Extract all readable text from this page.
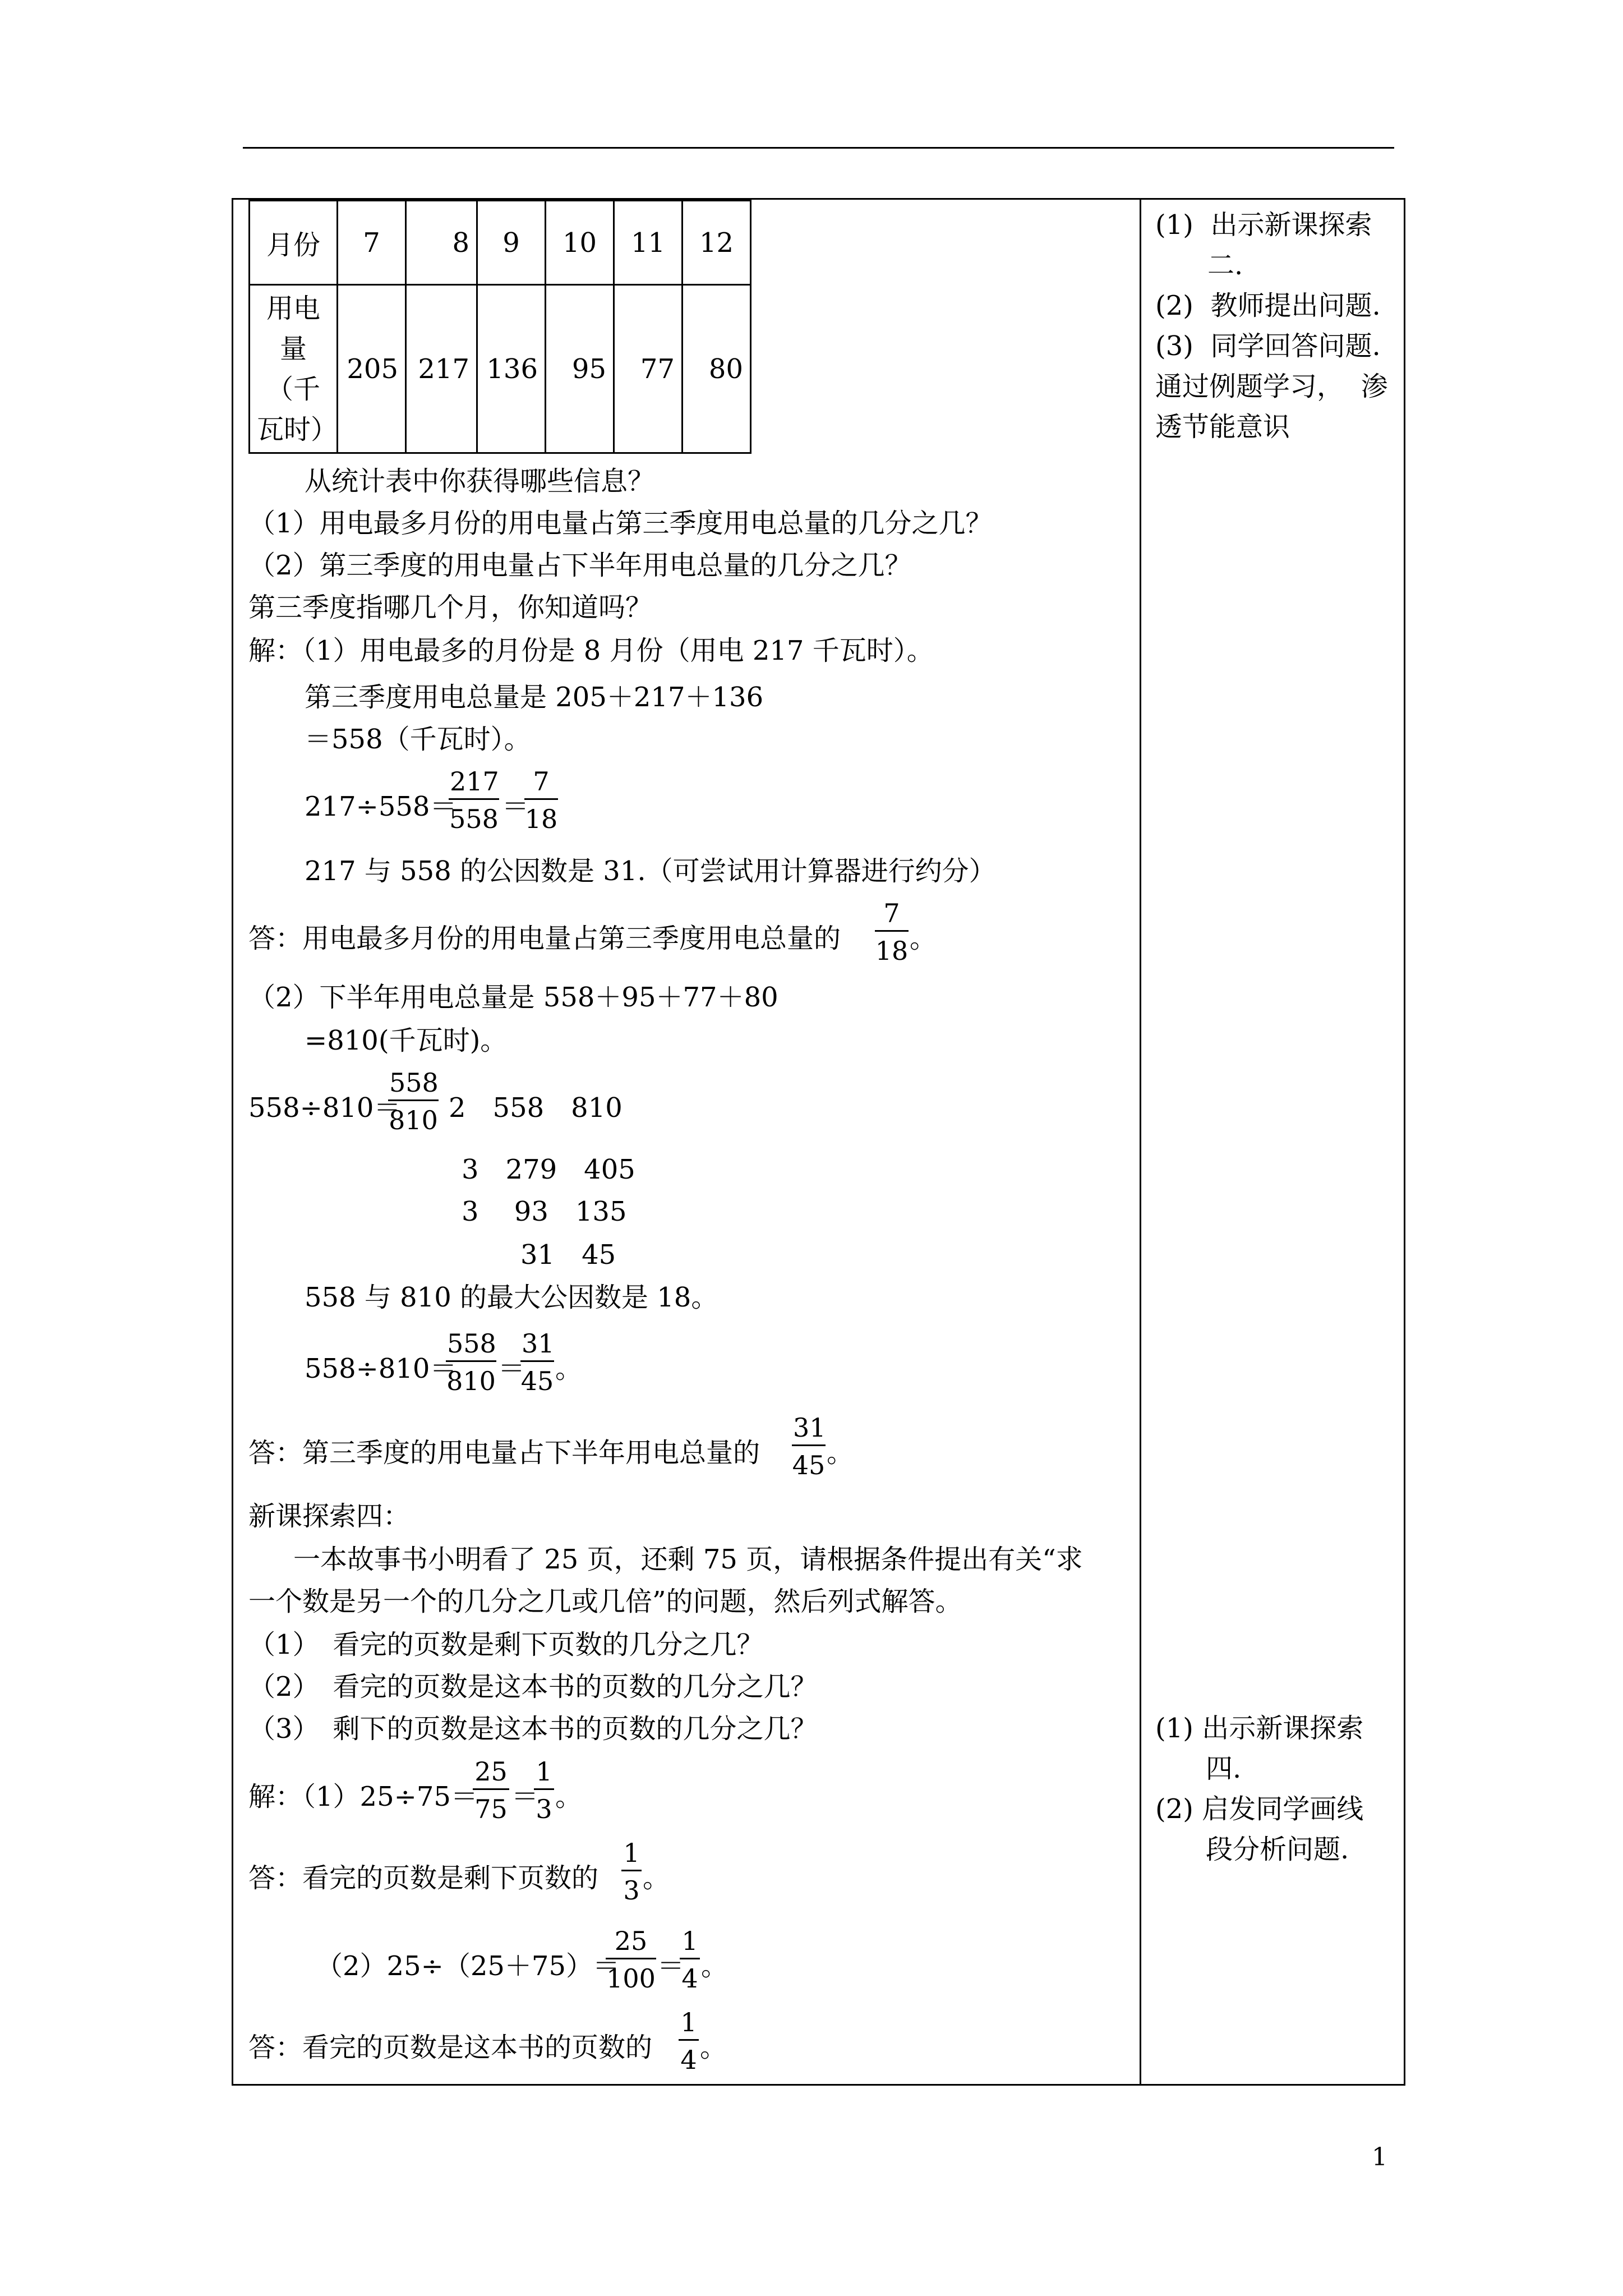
月份	7	8	9	10	11	12
用电
量
（千
瓦时）	205	217	136	95	77	80
从统计表中你获得哪些信息？
（1）用电最多月份的用电量占第三季度用电总量的几分之几？
（2）第三季度的用电量占下半年用电总量的几分之几？
第三季度指哪几个月，你知道吗？
解：（1）用电最多的月份是 8 月份（用电 217 千瓦时）。
第三季度用电总量是 205＋217＋136
＝558（千瓦时）。
217÷558＝
$\frac{217}{558}$ ＝
$\frac{7}{18}$
217 与 558 的公因数是 31.（可尝试用计算器进行约分）
答：用电最多月份的用电量占第三季度用电总量的 $\frac{7}{18}$ 。
（2）下半年用电总量是 558＋95＋77＋80
=810(千瓦时)。
558÷810＝
$\frac{558}{810} 2$　558　810
3　279　405
3　 93　135
31　45
558 与 810 的最大公因数是 18。
558÷810＝
$\frac{558}{810}$ ＝
$\frac{31}{45}$ 。
答：第三季度的用电量占下半年用电总量的 $\frac{31}{45}$ 。
新课探索四：
一本故事书小明看了 25 页，还剩 75 页，请根据条件提出有关“求
一个数是另一个的几分之几或几倍”的问题，然后列式解答。
（1）　看完的页数是剩下页数的几分之几？
（2）　看完的页数是这本书的页数的几分之几？
（3）　剩下的页数是这本书的页数的几分之几？
解：（1）25÷75＝
$\frac{25}{75}$ ＝
$\frac{1}{3}$ 。
答：看完的页数是剩下页数的 $\frac{1}{3}$ 。
（2）25÷（25＋75）＝
$\frac{25}{100}$ ＝
$\frac{1}{4}$ 。
答：看完的页数是这本书的页数的 $\frac{1}{4}$ 。
(1)  出示新课探索
二.
(2)  教师提出问题.
(3)  同学回答问题.
通过例题学习，  渗
透节能意识
(1) 出示新课探索
四.
(2) 启发同学画线
段分析问题.
1
